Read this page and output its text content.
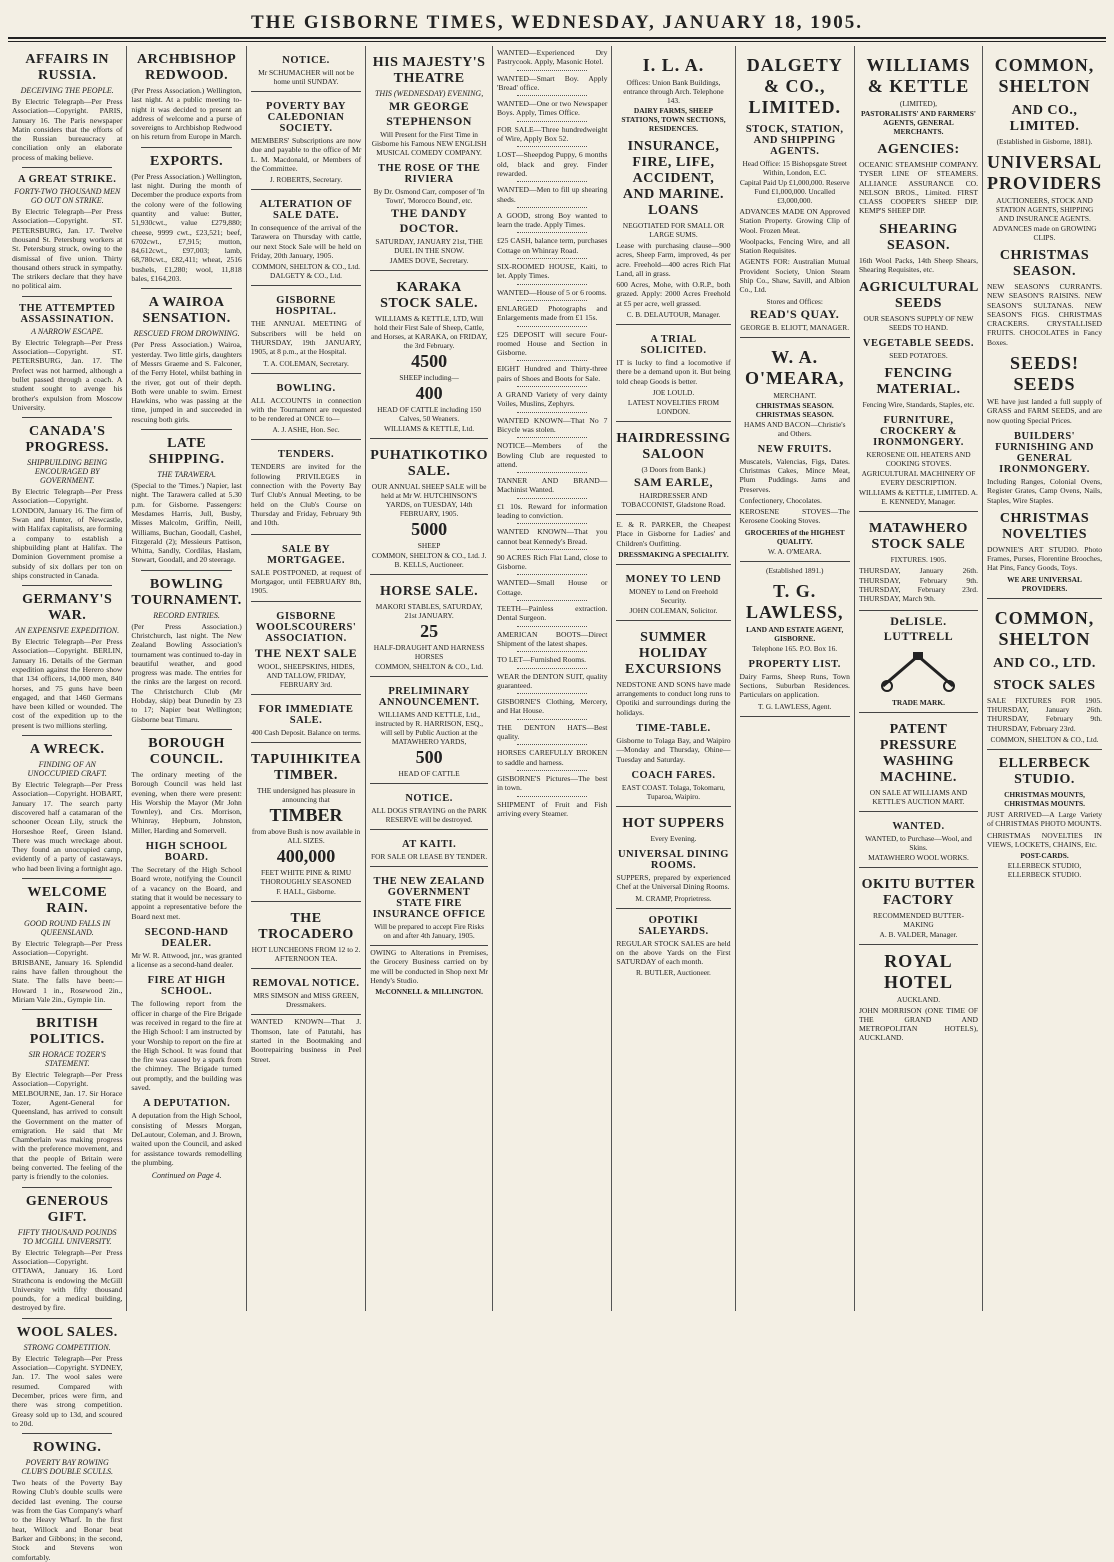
THE GISBORNE TIMES, WEDNESDAY, JANUARY 18, 1905.
AFFAIRS IN RUSSIA.
DECEIVING THE PEOPLE.
By Electric Telegraph—Per Press Association—Copyright. PARIS, January 16. The Paris newspaper Matin considers that the efforts of the Russian bureaucracy at conciliation only an elaborate process of making believe.
A GREAT STRIKE.
FORTY-TWO THOUSAND MEN GO OUT ON STRIKE.
By Electric Telegraph—Per Press Association—Copyright. ST. PETERSBURG, Jan. 17. Twelve thousand St. Petersburg workers at St. Petersburg struck, owing to the dismissal of five union. Thirty thousand others struck in sympathy. The strikers declare that they have no political aim.
THE ATTEMPTED ASSASSINATION.
A NARROW ESCAPE.
By Electric Telegraph—Per Press Association—Copyright. ST. PETERSBURG, Jan. 17. The Prefect was not harmed, although a bullet passed through a coach. A student sought to avenge his brother's expulsion from Moscow University.
CANADA'S PROGRESS.
SHIPBUILDING BEING ENCOURAGED BY GOVERNMENT.
By Electric Telegraph—Per Press Association—Copyright. LONDON, January 16. The firm of Swan and Hunter, of Newcastle, with Halifax capitalists, are forming a company to establish a shipbuilding plant at Halifax. The Dominion Government promise a subsidy of six dollars per ton on ships constructed in Canada.
GERMANY'S WAR.
AN EXPENSIVE EXPEDITION.
By Electric Telegraph—Per Press Association—Copyright. BERLIN, January 16. Details of the German expedition against the Herero show that 134 officers, 14,000 men, 840 horses, and 75 guns have been engaged, and that 1460 Germans have been killed or wounded. The cost of the expedition up to the present is two millions sterling.
A WRECK.
FINDING OF AN UNOCCUPIED CRAFT.
By Electric Telegraph—Per Press Association—Copyright. HOBART, January 17. The search party discovered half a catamaran of the schooner Ocean Lily, struck the Horseshoe Reef, Green Island. There was much wreckage about. They found an unoccupied camp, evidently of a party of castaways, who had been living a fortnight ago.
WELCOME RAIN.
GOOD ROUND FALLS IN QUEENSLAND.
By Electric Telegraph—Per Press Association—Copyright. BRISBANE, January 16. Splendid rains have fallen throughout the State. The falls have been:— Howard 1 in., Rosewood 2in., Miriam Vale 2in., Gympie 1in.
BRITISH POLITICS.
SIR HORACE TOZER'S STATEMENT.
By Electric Telegraph—Per Press Association—Copyright. MELBOURNE, Jan. 17. Sir Horace Tozer, Agent-General for Queensland, has arrived to consult the Government on the matter of emigration. He said that Mr Chamberlain was making progress with the preference movement, and that the people of Britain were being converted. The feeling of the party is friendly to the colonies.
GENEROUS GIFT.
FIFTY THOUSAND POUNDS TO MCGILL UNIVERSITY.
By Electric Telegraph—Per Press Association—Copyright. OTTAWA, January 16. Lord Strathcona is endowing the McGill University with fifty thousand pounds, for a medical building, destroyed by fire.
WOOL SALES.
STRONG COMPETITION.
By Electric Telegraph—Per Press Association—Copyright. SYDNEY, Jan. 17. The wool sales were resumed. Compared with December, prices were firm, and there was strong competition. Greasy sold up to 13d, and scoured to 20d.
ROWING.
POVERTY BAY ROWING CLUB'S DOUBLE SCULLS.
Two heats of the Poverty Bay Rowing Club's double sculls were decided last evening. The course was from the Gas Company's wharf to the Heavy Wharf. In the first heat, Willock and Bonar beat Barker and Gibbons; in the second, Stock and Stevens won comfortably.
ARCHBISHOP REDWOOD.
(Per Press Association.) Wellington, last night. At a public meeting to-night it was decided to present an address of welcome and a purse of sovereigns to Archbishop Redwood on his return from Europe in March.
EXPORTS.
(Per Press Association.) Wellington, last night. During the month of December the produce exports from the colony were of the following quantity and value: Butter, 51,930cwt., value £279,880; cheese, 9999 cwt., £23,521; beef, 6702cwt., £7,915; mutton, 84,612cwt., £97,003; lamb, 68,780cwt., £82,411; wheat, 2516 bushels, £1,280; wool, 11,818 bales, £164,203.
A WAIROA SENSATION.
RESCUED FROM DROWNING.
(Per Press Association.) Wairoa, yesterday. Two little girls, daughters of Messrs Graeme and S. Falconer, of the Ferry Hotel, whilst bathing in the river, got out of their depth. Both were unable to swim. Ernest Hawkins, who was passing at the time, jumped in and succeeded in rescuing both girls.
LATE SHIPPING.
THE TARAWERA.
(Special to the 'Times.') Napier, last night. The Tarawera called at 5.30 p.m. for Gisborne. Passengers: Mesdames Harris, Jull, Busby, Misses Malcolm, Griffin, Neill, Williams, Buchan, Goodall, Cashel, Fitzgerald (2); Messieurs Pattison, Whitta, Sandly, Cordilas, Haslam, Stewart, Goodall, and 20 steerage.
BOWLING TOURNAMENT.
RECORD ENTRIES.
(Per Press Association.) Christchurch, last night. The New Zealand Bowling Association's tournament was continued to-day in beautiful weather, and good progress was made. The entries for the rinks are the largest on record. The Christchurch Club (Mr Hobday, skip) beat Dunedin by 23 to 17; Napier beat Wellington; Gisborne beat Timaru.
BOROUGH COUNCIL.
The ordinary meeting of the Borough Council was held last evening, when there were present: His Worship the Mayor (Mr John Townley), and Crs. Morrison, Whinray, Hepburn, Johnston, Miller, Harding and Somervell.
HIGH SCHOOL BOARD.
The Secretary of the High School Board wrote, notifying the Council of a vacancy on the Board, and stating that it would be necessary to appoint a representative before the Board next met.
SECOND-HAND DEALER.
Mr W. R. Attwood, jnr., was granted a license as a second-hand dealer.
FIRE AT HIGH SCHOOL.
The following report from the officer in charge of the Fire Brigade was received in regard to the fire at the High School: I am instructed by your Worship to report on the fire at the High School. It was found that the fire was caused by a spark from the chimney. The Brigade turned out promptly, and the building was saved.
A DEPUTATION.
A deputation from the High School, consisting of Messrs Morgan, DeLautour, Coleman, and J. Brown, waited upon the Council, and asked for assistance towards remodelling the plumbing.
Continued on Page 4.
NOTICE.
Mr SCHUMACHER will not be home until SUNDAY.
POVERTY BAY CALEDONIAN SOCIETY.
MEMBERS' Subscriptions are now due and payable to the office of Mr L. M. Macdonald, or Members of the Committee.
J. ROBERTS, Secretary.
ALTERATION OF SALE DATE.
In consequence of the arrival of the Tarawera on Thursday with cattle, our next Stock Sale will be held on Friday, 20th January, 1905.
COMMON, SHELTON & CO., Ltd. DALGETY & CO., Ltd.
GISBORNE HOSPITAL.
THE ANNUAL MEETING of Subscribers will be held on THURSDAY, 19th JANUARY, 1905, at 8 p.m., at the Hospital.
T. A. COLEMAN, Secretary.
BOWLING.
ALL ACCOUNTS in connection with the Tournament are requested to be rendered at ONCE to—
A. J. ASHE, Hon. Sec.
TENDERS.
TENDERS are invited for the following PRIVILEGES in connection with the Poverty Bay Turf Club's Annual Meeting, to be held on the Club's Course on Thursday and Friday, February 9th and 10th.
SALE BY MORTGAGEE.
SALE POSTPONED, at request of Mortgagor, until FEBRUARY 8th, 1905.
GISBORNE WOOLSCOURERS' ASSOCIATION.
THE NEXT SALE
WOOL, SHEEPSKINS, HIDES, AND TALLOW, FRIDAY, FEBRUARY 3rd.
FOR IMMEDIATE SALE.
400 Cash Deposit. Balance on terms.
TAPUIHIKITEA TIMBER.
THE undersigned has pleasure in announcing that
TIMBER
from above Bush is now available in ALL SIZES.
400,000
FEET WHITE PINE & RIMU THOROUGHLY SEASONED
F. HALL, Gisborne.
THE TROCADERO
HOT LUNCHEONS FROM 12 to 2. AFTERNOON TEA.
REMOVAL NOTICE.
MRS SIMSON and MISS GREEN, Dressmakers.
WANTED KNOWN—That J. Thomson, late of Patutahi, has started in the Bootmaking and Bootrepairing business in Peel Street.
HIS MAJESTY'S THEATRE
THIS (WEDNESDAY) EVENING,
MR GEORGE STEPHENSON
Will Present for the First Time in Gisborne his Famous NEW ENGLISH MUSICAL COMEDY COMPANY.
THE ROSE OF THE RIVIERA
By Dr. Osmond Carr, composer of 'In Town', 'Morocco Bound', etc.
THE DANDY DOCTOR.
SATURDAY, JANUARY 21st, THE DUEL IN THE SNOW.
JAMES DOVE, Secretary.
KARAKA STOCK SALE.
WILLIAMS & KETTLE, LTD, Will hold their First Sale of Sheep, Cattle, and Horses, at KARAKA, on FRIDAY, the 3rd February.
4500
SHEEP including—
400
HEAD OF CATTLE including 150 Calves, 50 Weaners.
WILLIAMS & KETTLE, Ltd.
PUHATIKOTIKO SALE.
OUR ANNUAL SHEEP SALE will be held at Mr W. HUTCHINSON'S YARDS, on TUESDAY, 14th FEBRUARY, 1905.
5000
SHEEP
COMMON, SHELTON & CO., Ltd. J. B. KELLS, Auctioneer.
HORSE SALE.
MAKORI STABLES, SATURDAY, 21st JANUARY.
25
HALF-DRAUGHT AND HARNESS HORSES
COMMON, SHELTON & CO., Ltd.
PRELIMINARY ANNOUNCEMENT.
WILLIAMS AND KETTLE, Ltd., instructed by R. HARRISON, ESQ., will sell by Public Auction at the MATAWHERO YARDS,
500
HEAD OF CATTLE
NOTICE.
ALL DOGS STRAYING on the PARK RESERVE will be destroyed.
AT KAITI.
FOR SALE OR LEASE BY TENDER.
THE NEW ZEALAND GOVERNMENT STATE FIRE INSURANCE OFFICE
Will be prepared to accept Fire Risks on and after 4th January, 1905.
OWING to Alterations in Premises, the Grocery Business carried on by me will be conducted in Shop next Mr Hendy's Studio.
McCONNELL & MILLINGTON.
WANTED—Experienced Dry Pastrycook. Apply, Masonic Hotel.
WANTED—Smart Boy. Apply 'Bread' office.
WANTED—One or two Newspaper Boys. Apply, Times Office.
FOR SALE—Three hundredweight of Wire, Apply Box 52.
LOST—Sheepdog Puppy, 6 months old, black and grey. Finder rewarded.
WANTED—Men to fill up shearing sheds.
A GOOD, strong Boy wanted to learn the trade. Apply Times.
£25 CASH, balance term, purchases Cottage on Whinray Road.
SIX-ROOMED HOUSE, Kaiti, to let. Apply Times.
WANTED—House of 5 or 6 rooms.
ENLARGED Photographs and Enlargements made from £1 15s.
£25 DEPOSIT will secure Four-roomed House and Section in Gisborne.
EIGHT Hundred and Thirty-three pairs of Shoes and Boots for Sale.
A GRAND Variety of very dainty Voiles, Muslins, Zephyrs.
WANTED KNOWN—That No 7 Bicycle was stolen.
NOTICE—Members of the Bowling Club are requested to attend.
TANNER AND BRAND—Machinist Wanted.
£1 10s. Reward for information leading to conviction.
WANTED KNOWN—That you cannot beat Kennedy's Bread.
90 ACRES Rich Flat Land, close to Gisborne.
WANTED—Small House or Cottage.
TEETH—Painless extraction. Dental Surgeon.
AMERICAN BOOTS—Direct Shipment of the latest shapes.
TO LET—Furnished Rooms.
WEAR the DENTON SUIT, quality guaranteed.
GISBORNE'S Clothing, Mercery, and Hat House.
THE DENTON HATS—Best quality.
HORSES CAREFULLY BROKEN to saddle and harness.
GISBORNE'S Pictures—The best in town.
SHIPMENT of Fruit and Fish arriving every Steamer.
I. L. A.
Offices: Union Bank Buildings, entrance through Arch. Telephone 143.
DAIRY FARMS, SHEEP STATIONS, TOWN SECTIONS, RESIDENCES.
INSURANCE, FIRE, LIFE, ACCIDENT, AND MARINE. LOANS
NEGOTIATED FOR SMALL OR LARGE SUMS.
Lease with purchasing clause—900 acres, Sheep Farm, improved, 4s per acre. Freehold—400 acres Rich Flat Land, all in grass.
600 Acres, Mohe, with O.R.P., both grazed. Apply: 2000 Acres Freehold at £5 per acre, well grassed.
C. B. DELAUTOUR, Manager.
A TRIAL SOLICITED.
IT is lucky to find a locomotive if there be a demand upon it. But being told cheap Goods is better.
JOE LOULD.
LATEST NOVELTIES FROM LONDON.
HAIRDRESSING SALOON
(3 Doors from Bank.)
SAM EARLE,
HAIRDRESSER AND TOBACCONIST, Gladstone Road.
E. & R. PARKER, the Cheapest Place in Gisborne for Ladies' and Children's Outfitting.
DRESSMAKING A SPECIALITY.
MONEY TO LEND
MONEY to Lend on Freehold Security.
JOHN COLEMAN, Solicitor.
SUMMER HOLIDAY EXCURSIONS
NEDSTONE AND SONS have made arrangements to conduct long runs to Opotiki and surroundings during the holidays.
TIME-TABLE.
Gisborne to Tolaga Bay, and Waipiro—Monday and Thursday, Ohine—Tuesday and Saturday.
COACH FARES.
EAST COAST. Tolaga, Tokomaru, Tuparoa, Waipiro.
HOT SUPPERS
Every Evening.
UNIVERSAL DINING ROOMS.
SUPPERS, prepared by experienced Chef at the Universal Dining Rooms.
M. CRAMP, Proprietress.
OPOTIKI SALEYARDS.
REGULAR STOCK SALES are held on the above Yards on the First SATURDAY of each month.
R. BUTLER, Auctioneer.
DALGETY & CO., LIMITED.
STOCK, STATION, AND SHIPPING AGENTS.
Head Office: 15 Bishopsgate Street Within, London, E.C.
Capital Paid Up £1,000,000. Reserve Fund £1,000,000. Uncalled £3,000,000.
ADVANCES MADE ON Approved Station Property. Growing Clip of Wool. Frozen Meat.
Woolpacks, Fencing Wire, and all Station Requisites.
AGENTS FOR: Australian Mutual Provident Society, Union Steam Ship Co., Shaw, Savill, and Albion Co., Ltd.
Stores and Offices:
READ'S QUAY.
GEORGE B. ELIOTT, MANAGER.
W. A. O'MEARA,
MERCHANT.
CHRISTMAS SEASON. CHRISTMAS SEASON.
HAMS AND BACON—Christie's and Others.
NEW FRUITS.
Muscatels, Valencias, Figs, Dates. Christmas Cakes, Mince Meat, Plum Puddings. Jams and Preserves.
Confectionery, Chocolates.
KEROSENE STOVES—The Kerosene Cooking Stoves.
GROCERIES of the HIGHEST QUALITY.
W. A. O'MEARA.
(Established 1891.)
T. G. LAWLESS,
LAND AND ESTATE AGENT, GISBORNE.
Telephone 165. P.O. Box 16.
PROPERTY LIST.
Dairy Farms, Sheep Runs, Town Sections, Suburban Residences. Particulars on application.
T. G. LAWLESS, Agent.
WILLIAMS & KETTLE
(LIMITED),
PASTORALISTS' AND FARMERS' AGENTS, GENERAL MERCHANTS.
AGENCIES:
OCEANIC STEAMSHIP COMPANY. TYSER LINE OF STEAMERS. ALLIANCE ASSURANCE CO. NELSON BROS., Limited. FIRST CLASS COOPER'S SHEEP DIP. KEMP'S SHEEP DIP.
SHEARING SEASON.
16th Wool Packs, 14th Sheep Shears, Shearing Requisites, etc.
AGRICULTURAL SEEDS
OUR SEASON'S SUPPLY OF NEW SEEDS TO HAND.
VEGETABLE SEEDS.
SEED POTATOES.
FENCING MATERIAL.
Fencing Wire, Standards, Staples, etc.
FURNITURE, CROCKERY & IRONMONGERY.
KEROSENE OIL HEATERS AND COOKING STOVES.
AGRICULTURAL MACHINERY OF EVERY DESCRIPTION.
WILLIAMS & KETTLE, LIMITED. A. E. KENNEDY, Manager.
MATAWHERO STOCK SALE
FIXTURES. 1905.
THURSDAY, January 26th. THURSDAY, February 9th. THURSDAY, February 23rd. THURSDAY, March 9th.
DeLISLE. LUTTRELL
TRADE MARK.
PATENT PRESSURE WASHING MACHINE.
ON SALE AT WILLIAMS AND KETTLE'S AUCTION MART.
WANTED.
WANTED, to Purchase—Wool, and Skins.
MATAWHERO WOOL WORKS.
OKITU BUTTER FACTORY
RECOMMENDED BUTTER-MAKING
A. B. VALDER, Manager.
ROYAL HOTEL
AUCKLAND.
JOHN MORRISON (ONE TIME OF THE GRAND AND METROPOLITAN HOTELS), AUCKLAND.
COMMON, SHELTON
AND CO., LIMITED.
(Established in Gisborne, 1881).
UNIVERSAL PROVIDERS
AUCTIONEERS, STOCK AND STATION AGENTS, SHIPPING AND INSURANCE AGENTS.
ADVANCES made on GROWING CLIPS.
CHRISTMAS SEASON.
NEW SEASON'S CURRANTS. NEW SEASON'S RAISINS. NEW SEASON'S SULTANAS. NEW SEASON'S FIGS. CHRISTMAS CRACKERS. CRYSTALLISED FRUITS. CHOCOLATES in Fancy Boxes.
SEEDS! SEEDS
WE have just landed a full supply of GRASS and FARM SEEDS, and are now quoting Special Prices.
BUILDERS' FURNISHING AND GENERAL IRONMONGERY.
Including Ranges, Colonial Ovens, Register Grates, Camp Ovens, Nails, Staples, Wire Staples.
CHRISTMAS NOVELTIES
DOWNIE'S ART STUDIO. Photo Frames, Purses, Florentine Brooches, Hat Pins, Fancy Goods, Toys.
WE ARE UNIVERSAL PROVIDERS.
COMMON, SHELTON
AND CO., LTD.
STOCK SALES
SALE FIXTURES FOR 1905. THURSDAY, January 26th. THURSDAY, February 9th. THURSDAY, February 23rd.
COMMON, SHELTON & CO., Ltd.
ELLERBECK STUDIO.
CHRISTMAS MOUNTS, CHRISTMAS MOUNTS.
JUST ARRIVED—A Large Variety of CHRISTMAS PHOTO MOUNTS.
CHRISTMAS NOVELTIES IN VIEWS, LOCKETS, CHAINS, Etc.
POST-CARDS.
ELLERBECK STUDIO, ELLERBECK STUDIO.
